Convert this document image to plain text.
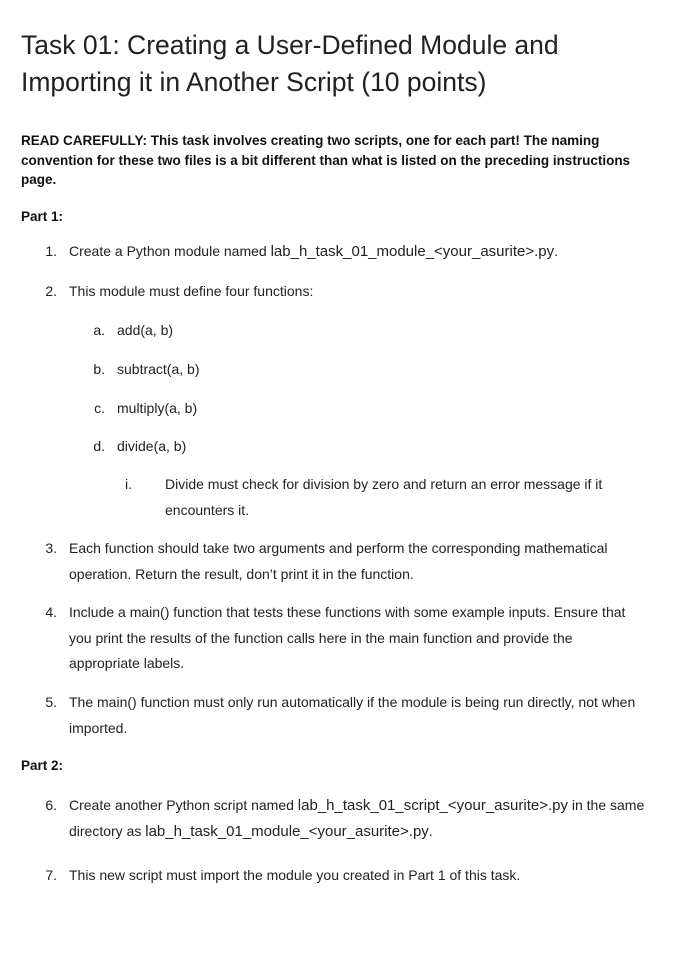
Task 01: Creating a User-Defined Module and Importing it in Another Script (10 points)

READ CAREFULLY: This task involves creating two scripts, one for each part! The naming convention for these two files is a bit different than what is listed on the preceding instructions page.

Part 1:

1. Create a Python module named lab_h_task_01_module_<your_asurite>.py.
2. This module must define four functions:
a. add(a, b)
b. subtract(a, b)
c. multiply(a, b)
d. divide(a, b)
i.	Divide must check for division by zero and return an error message if it encounters it.
3. Each function should take two arguments and perform the corresponding mathematical operation. Return the result, don’t print it in the function.
4. Include a main() function that tests these functions with some example inputs. Ensure that you print the results of the function calls here in the main function and provide the appropriate labels.
5. The main() function must only run automatically if the module is being run directly, not when imported.

Part 2:

6. Create another Python script named lab_h_task_01_script_<your_asurite>.py in the same directory as lab_h_task_01_module_<your_asurite>.py.
7. This new script must import the module you created in Part 1 of this task.
